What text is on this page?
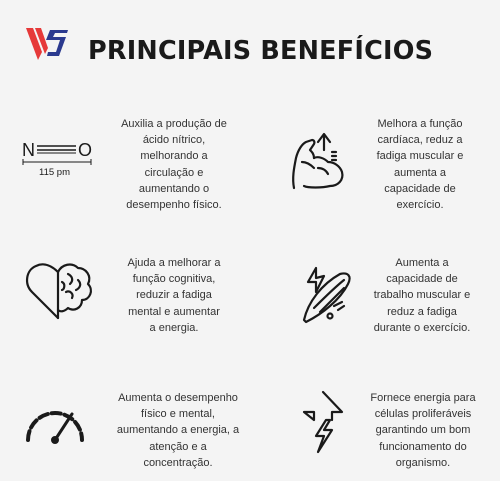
PRINCIPAIS BENEFÍCIOS
N O
115 pm

Auxilia a produção de
ácido nítrico,
melhorando a
circulação e
aumentando o
desempenho físico.

Melhora a função
cardíaca, reduz a
fadiga muscular e
aumenta a
capacidade de
exercício.

Ajuda a melhorar a
função cognitiva,
reduzir a fadiga
mental e aumentar
a energia.

Aumenta a
capacidade de
trabalho muscular e
reduz a fadiga
durante o exercício.

Aumenta o desempenho
físico e mental,
aumentando a energia, a
atenção e a
concentração.

Fornece energia para
células proliferáveis
garantindo um bom
funcionamento do
organismo.
